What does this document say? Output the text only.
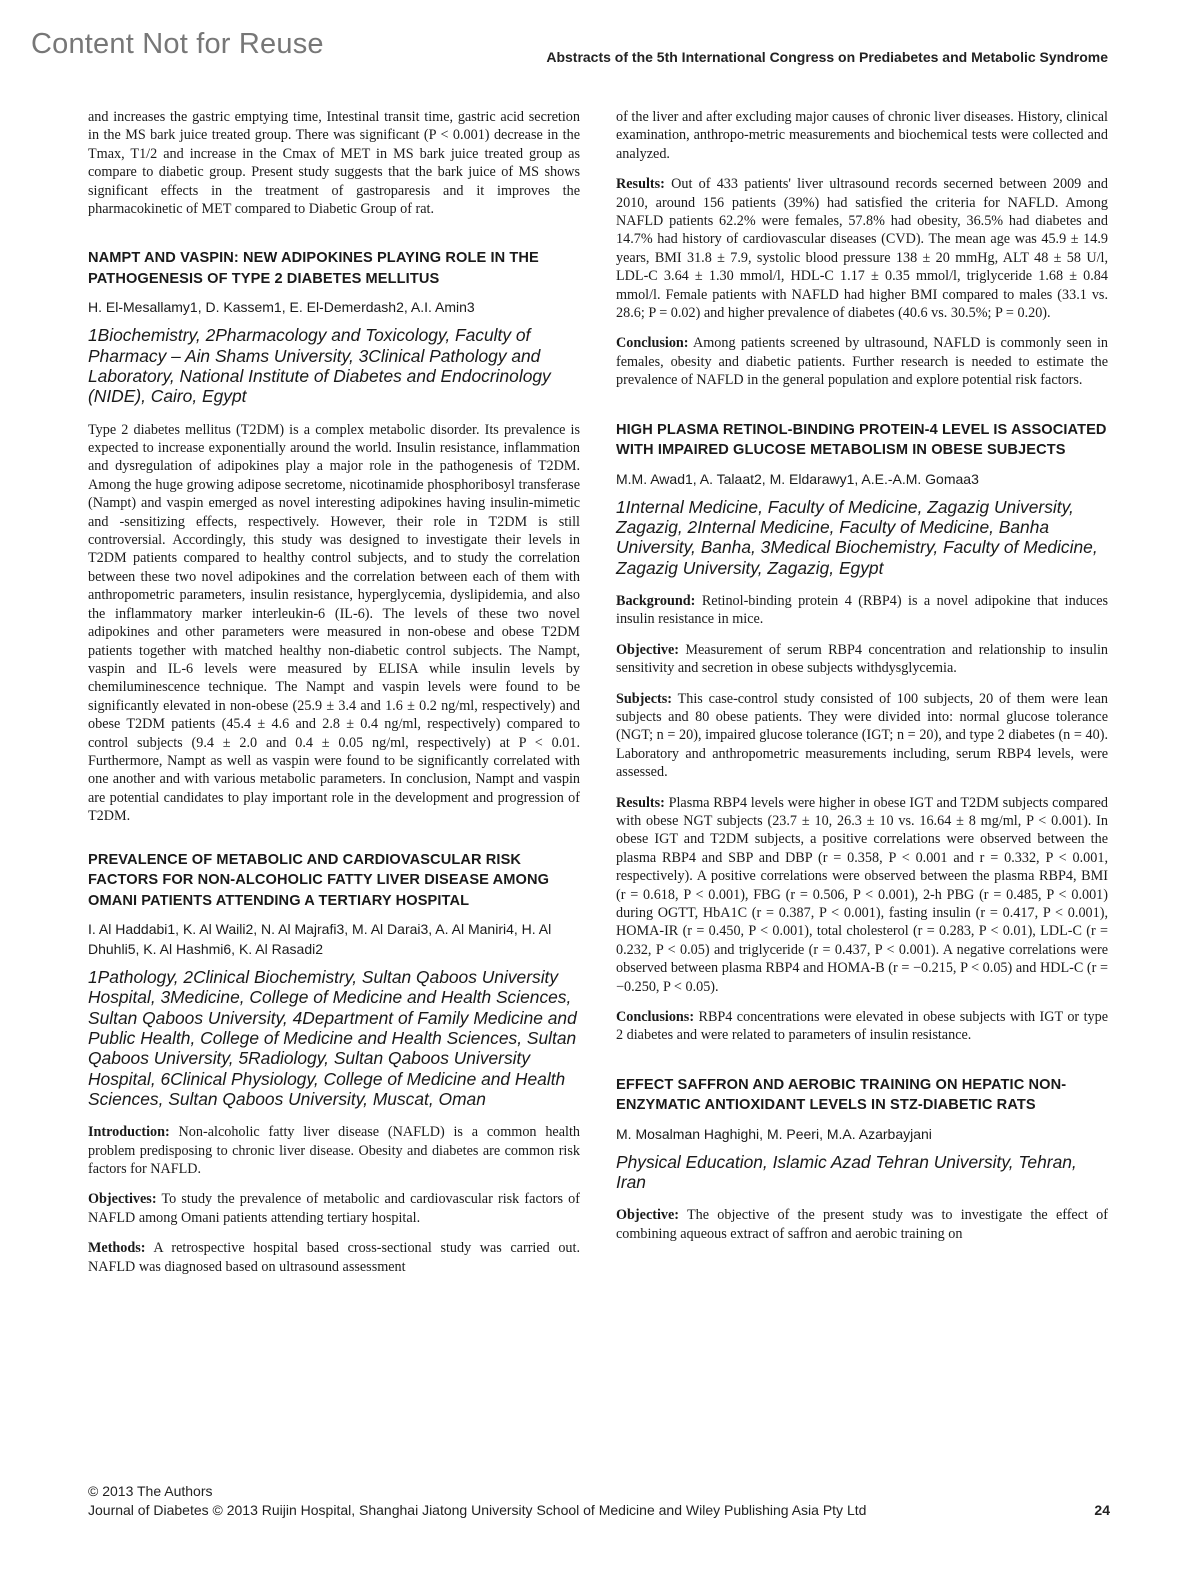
Content Not for Reuse	Abstracts of the 5th International Congress on Prediabetes and Metabolic Syndrome

and increases the gastric emptying time, Intestinal transit time, gastric acid secretion in the MS bark juice treated group. There was significant (P < 0.001) decrease in the Tmax, T1/2 and increase in the Cmax of MET in MS bark juice treated group as compare to diabetic group. Present study suggests that the bark juice of MS shows significant effects in the treatment of gastroparesis and it improves the pharmacokinetic of MET compared to Diabetic Group of rat.

NAMPT AND VASPIN: NEW ADIPOKINES PLAYING ROLE IN THE PATHOGENESIS OF TYPE 2 DIABETES MELLITUS
H. El-Mesallamy1, D. Kassem1, E. El-Demerdash2, A.I. Amin3
1Biochemistry, 2Pharmacology and Toxicology, Faculty of Pharmacy – Ain Shams University, 3Clinical Pathology and Laboratory, National Institute of Diabetes and Endocrinology (NIDE), Cairo, Egypt

Type 2 diabetes mellitus (T2DM) is a complex metabolic disorder. Its prevalence is expected to increase exponentially around the world. Insulin resistance, inflammation and dysregulation of adipokines play a major role in the pathogenesis of T2DM. Among the huge growing adipose secretome, nicotinamide phosphoribosyl transferase (Nampt) and vaspin emerged as novel interesting adipokines having insulin-mimetic and -sensitizing effects, respectively. However, their role in T2DM is still controversial. Accordingly, this study was designed to investigate their levels in T2DM patients compared to healthy control subjects, and to study the correlation between these two novel adipokines and the correlation between each of them with anthropometric parameters, insulin resistance, hyperglycemia, dyslipidemia, and also the inflammatory marker interleukin-6 (IL-6). The levels of these two novel adipokines and other parameters were measured in non-obese and obese T2DM patients together with matched healthy non-diabetic control subjects. The Nampt, vaspin and IL-6 levels were measured by ELISA while insulin levels by chemiluminescence technique. The Nampt and vaspin levels were found to be significantly elevated in non-obese (25.9 ± 3.4 and 1.6 ± 0.2 ng/ml, respectively) and obese T2DM patients (45.4 ± 4.6 and 2.8 ± 0.4 ng/ml, respectively) compared to control subjects (9.4 ± 2.0 and 0.4 ± 0.05 ng/ml, respectively) at P < 0.01. Furthermore, Nampt as well as vaspin were found to be significantly correlated with one another and with various metabolic parameters. In conclusion, Nampt and vaspin are potential candidates to play important role in the development and progression of T2DM.

PREVALENCE OF METABOLIC AND CARDIOVASCULAR RISK FACTORS FOR NON-ALCOHOLIC FATTY LIVER DISEASE AMONG OMANI PATIENTS ATTENDING A TERTIARY HOSPITAL
I. Al Haddabi1, K. Al Waili2, N. Al Majrafi3, M. Al Darai3, A. Al Maniri4, H. Al Dhuhli5, K. Al Hashmi6, K. Al Rasadi2
1Pathology, 2Clinical Biochemistry, Sultan Qaboos University Hospital, 3Medicine, College of Medicine and Health Sciences, Sultan Qaboos University, 4Department of Family Medicine and Public Health, College of Medicine and Health Sciences, Sultan Qaboos University, 5Radiology, Sultan Qaboos University Hospital, 6Clinical Physiology, College of Medicine and Health Sciences, Sultan Qaboos University, Muscat, Oman

Introduction: Non-alcoholic fatty liver disease (NAFLD) is a common health problem predisposing to chronic liver disease. Obesity and diabetes are common risk factors for NAFLD.

Objectives: To study the prevalence of metabolic and cardiovascular risk factors of NAFLD among Omani patients attending tertiary hospital.

Methods: A retrospective hospital based cross-sectional study was carried out. NAFLD was diagnosed based on ultrasound assessment

of the liver and after excluding major causes of chronic liver diseases. History, clinical examination, anthropo-metric measurements and biochemical tests were collected and analyzed.

Results: Out of 433 patients' liver ultrasound records secerned between 2009 and 2010, around 156 patients (39%) had satisfied the criteria for NAFLD. Among NAFLD patients 62.2% were females, 57.8% had obesity, 36.5% had diabetes and 14.7% had history of cardiovascular diseases (CVD). The mean age was 45.9 ± 14.9 years, BMI 31.8 ± 7.9, systolic blood pressure 138 ± 20 mmHg, ALT 48 ± 58 U/l, LDL-C 3.64 ± 1.30 mmol/l, HDL-C 1.17 ± 0.35 mmol/l, triglyceride 1.68 ± 0.84 mmol/l. Female patients with NAFLD had higher BMI compared to males (33.1 vs. 28.6; P = 0.02) and higher prevalence of diabetes (40.6 vs. 30.5%; P = 0.20).

Conclusion: Among patients screened by ultrasound, NAFLD is commonly seen in females, obesity and diabetic patients. Further research is needed to estimate the prevalence of NAFLD in the general population and explore potential risk factors.

HIGH PLASMA RETINOL-BINDING PROTEIN-4 LEVEL IS ASSOCIATED WITH IMPAIRED GLUCOSE METABOLISM IN OBESE SUBJECTS
M.M. Awad1, A. Talaat2, M. Eldarawy1, A.E.-A.M. Gomaa3
1Internal Medicine, Faculty of Medicine, Zagazig University, Zagazig, 2Internal Medicine, Faculty of Medicine, Banha University, Banha, 3Medical Biochemistry, Faculty of Medicine, Zagazig University, Zagazig, Egypt

Background: Retinol-binding protein 4 (RBP4) is a novel adipokine that induces insulin resistance in mice.

Objective: Measurement of serum RBP4 concentration and relationship to insulin sensitivity and secretion in obese subjects withdysglycemia.

Subjects: This case-control study consisted of 100 subjects, 20 of them were lean subjects and 80 obese patients. They were divided into: normal glucose tolerance (NGT; n = 20), impaired glucose tolerance (IGT; n = 20), and type 2 diabetes (n = 40). Laboratory and anthropometric measurements including, serum RBP4 levels, were assessed.

Results: Plasma RBP4 levels were higher in obese IGT and T2DM subjects compared with obese NGT subjects (23.7 ± 10, 26.3 ± 10 vs. 16.64 ± 8 mg/ml, P < 0.001). In obese IGT and T2DM subjects, a positive correlations were observed between the plasma RBP4 and SBP and DBP (r = 0.358, P < 0.001 and r = 0.332, P < 0.001, respectively). A positive correlations were observed between the plasma RBP4, BMI (r = 0.618, P < 0.001), FBG (r = 0.506, P < 0.001), 2-h PBG (r = 0.485, P < 0.001) during OGTT, HbA1C (r = 0.387, P < 0.001), fasting insulin (r = 0.417, P < 0.001), HOMA-IR (r = 0.450, P < 0.001), total cholesterol (r = 0.283, P < 0.01), LDL-C (r = 0.232, P < 0.05) and triglyceride (r = 0.437, P < 0.001). A negative correlations were observed between plasma RBP4 and HOMA-B (r = −0.215, P < 0.05) and HDL-C (r = −0.250, P < 0.05).

Conclusions: RBP4 concentrations were elevated in obese subjects with IGT or type 2 diabetes and were related to parameters of insulin resistance.

EFFECT SAFFRON AND AEROBIC TRAINING ON HEPATIC NON-ENZYMATIC ANTIOXIDANT LEVELS IN STZ-DIABETIC RATS
M. Mosalman Haghighi, M. Peeri, M.A. Azarbayjani
Physical Education, Islamic Azad Tehran University, Tehran, Iran

Objective: The objective of the present study was to investigate the effect of combining aqueous extract of saffron and aerobic training on

© 2013 The Authors
Journal of Diabetes © 2013 Ruijin Hospital, Shanghai Jiatong University School of Medicine and Wiley Publishing Asia Pty Ltd	24
